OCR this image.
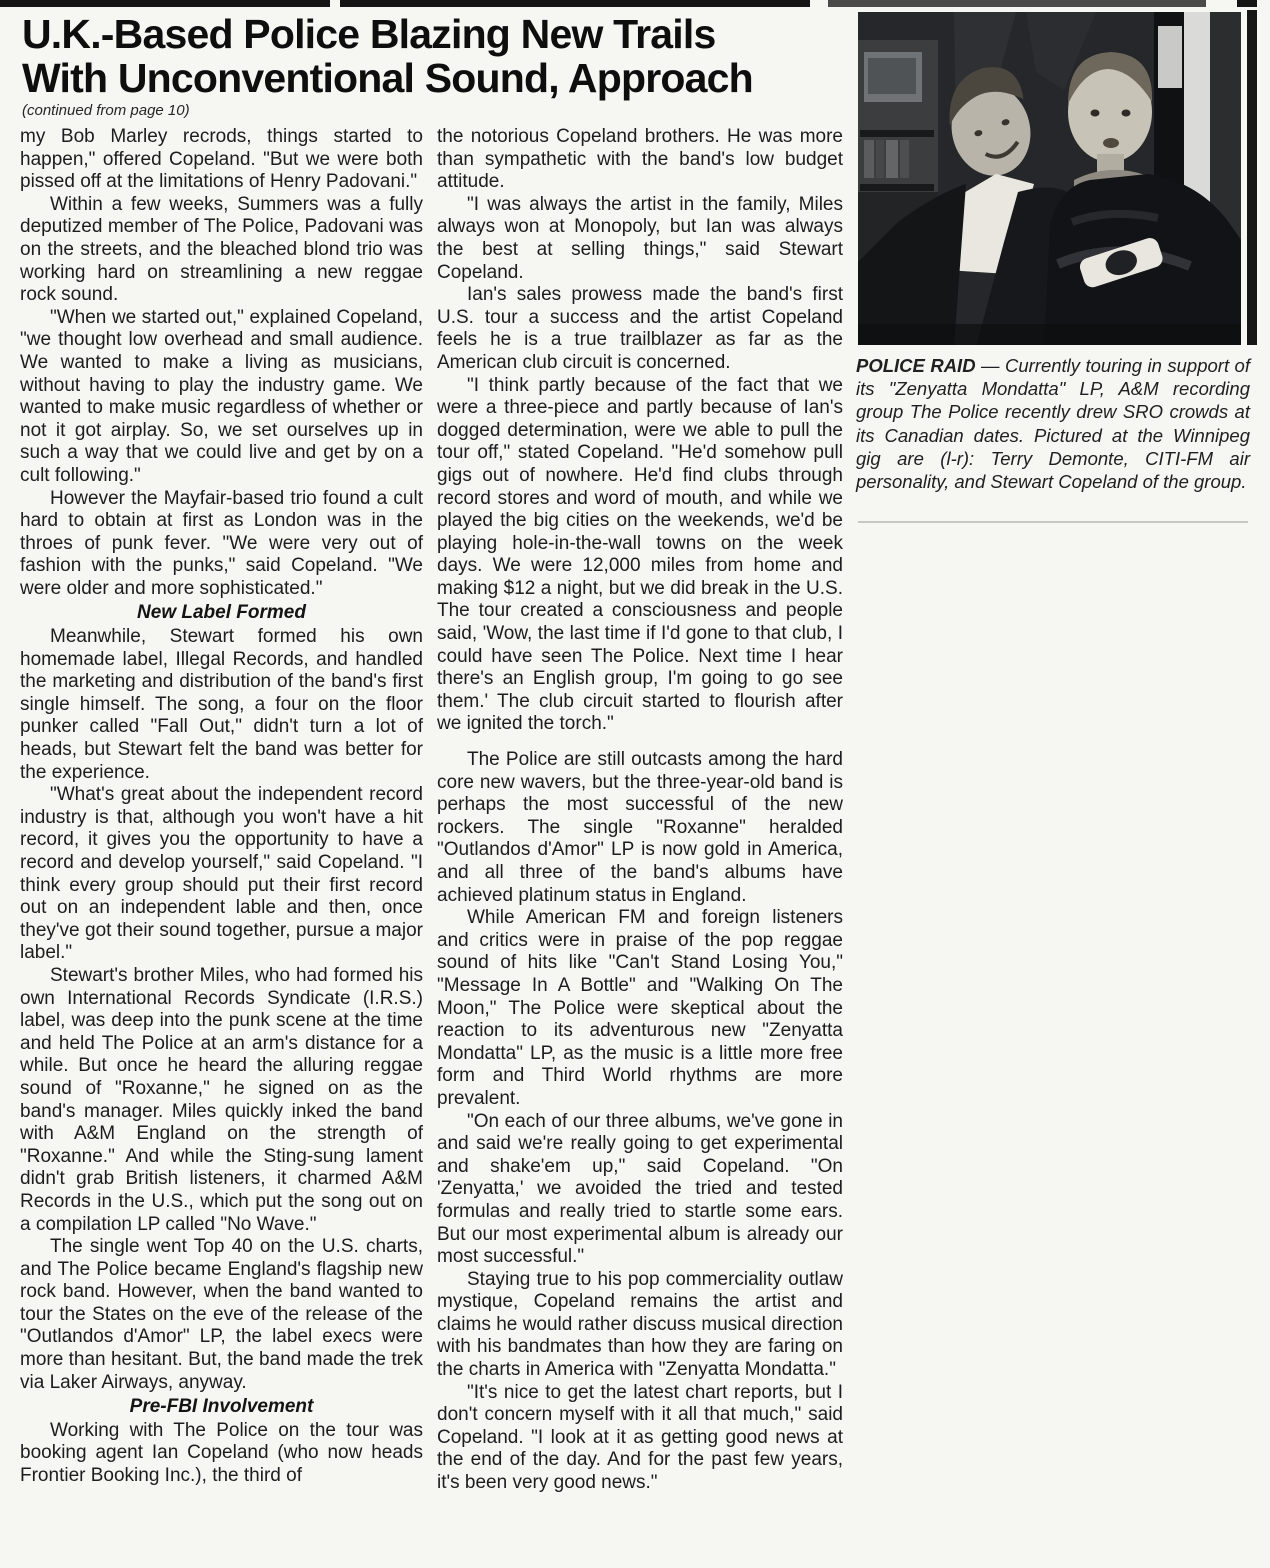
U.K.-Based Police Blazing New Trails
With Unconventional Sound, Approach
(continued from page 10)

my Bob Marley recrods, things started to happen," offered Copeland. "But we were both pissed off at the limitations of Henry Padovani."

Within a few weeks, Summers was a fully deputized member of The Police, Padovani was on the streets, and the bleached blond trio was working hard on streamlining a new reggae rock sound.

"When we started out," explained Copeland, "we thought low overhead and small audience. We wanted to make a living as musicians, without having to play the industry game. We wanted to make music regardless of whether or not it got airplay. So, we set ourselves up in such a way that we could live and get by on a cult following."

However the Mayfair-based trio found a cult hard to obtain at first as London was in the throes of punk fever. "We were very out of fashion with the punks," said Copeland. "We were older and more sophisticated."

New Label Formed

Meanwhile, Stewart formed his own homemade label, Illegal Records, and handled the marketing and distribution of the band's first single himself. The song, a four on the floor punker called "Fall Out," didn't turn a lot of heads, but Stewart felt the band was better for the experience.

"What's great about the independent record industry is that, although you won't have a hit record, it gives you the opportunity to have a record and develop yourself," said Copeland. "I think every group should put their first record out on an independent lable and then, once they've got their sound together, pursue a major label."

Stewart's brother Miles, who had formed his own International Records Syndicate (I.R.S.) label, was deep into the punk scene at the time and held The Police at an arm's distance for a while. But once he heard the alluring reggae sound of "Roxanne," he signed on as the band's manager. Miles quickly inked the band with A&M England on the strength of "Roxanne." And while the Sting-sung lament didn't grab British listeners, it charmed A&M Records in the U.S., which put the song out on a compilation LP called "No Wave."

The single went Top 40 on the U.S. charts, and The Police became England's flagship new rock band. However, when the band wanted to tour the States on the eve of the release of the "Outlandos d'Amor" LP, the label execs were more than hesitant. But, the band made the trek via Laker Airways, anyway.

Pre-FBI Involvement

Working with The Police on the tour was booking agent Ian Copeland (who now heads Frontier Booking Inc.), the third of

the notorious Copeland brothers. He was more than sympathetic with the band's low budget attitude.

"I was always the artist in the family, Miles always won at Monopoly, but Ian was always the best at selling things," said Stewart Copeland.

Ian's sales prowess made the band's first U.S. tour a success and the artist Copeland feels he is a true trailblazer as far as the American club circuit is concerned.

"I think partly because of the fact that we were a three-piece and partly because of Ian's dogged determination, were we able to pull the tour off," stated Copeland. "He'd somehow pull gigs out of nowhere. He'd find clubs through record stores and word of mouth, and while we played the big cities on the weekends, we'd be playing hole-in-the-wall towns on the week days. We were 12,000 miles from home and making $12 a night, but we did break in the U.S. The tour created a consciousness and people said, 'Wow, the last time if I'd gone to that club, I could have seen The Police. Next time I hear there's an English group, I'm going to go see them.' The club circuit started to flourish after we ignited the torch."

The Police are still outcasts among the hard core new wavers, but the three-year-old band is perhaps the most successful of the new rockers. The single "Roxanne" heralded "Outlandos d'Amor" LP is now gold in America, and all three of the band's albums have achieved platinum status in England.

While American FM and foreign listeners and critics were in praise of the pop reggae sound of hits like "Can't Stand Losing You," "Message In A Bottle" and "Walking On The Moon," The Police were skeptical about the reaction to its adventurous new "Zenyatta Mondatta" LP, as the music is a little more free form and Third World rhythms are more prevalent.

"On each of our three albums, we've gone in and said we're really going to get experimental and shake'em up," said Copeland. "On 'Zenyatta,' we avoided the tried and tested formulas and really tried to startle some ears. But our most experimental album is already our most successful."

Staying true to his pop commerciality outlaw mystique, Copeland remains the artist and claims he would rather discuss musical direction with his bandmates than how they are faring on the charts in America with "Zenyatta Mondatta."

"It's nice to get the latest chart reports, but I don't concern myself with it all that much," said Copeland. "I look at it as getting good news at the end of the day. And for the past few years, it's been very good news."

POLICE RAID — Currently touring in support of its "Zenyatta Mondatta" LP, A&M recording group The Police recently drew SRO crowds at its Canadian dates. Pictured at the Winnipeg gig are (l-r): Terry Demonte, CITI-FM air personality, and Stewart Copeland of the group.
